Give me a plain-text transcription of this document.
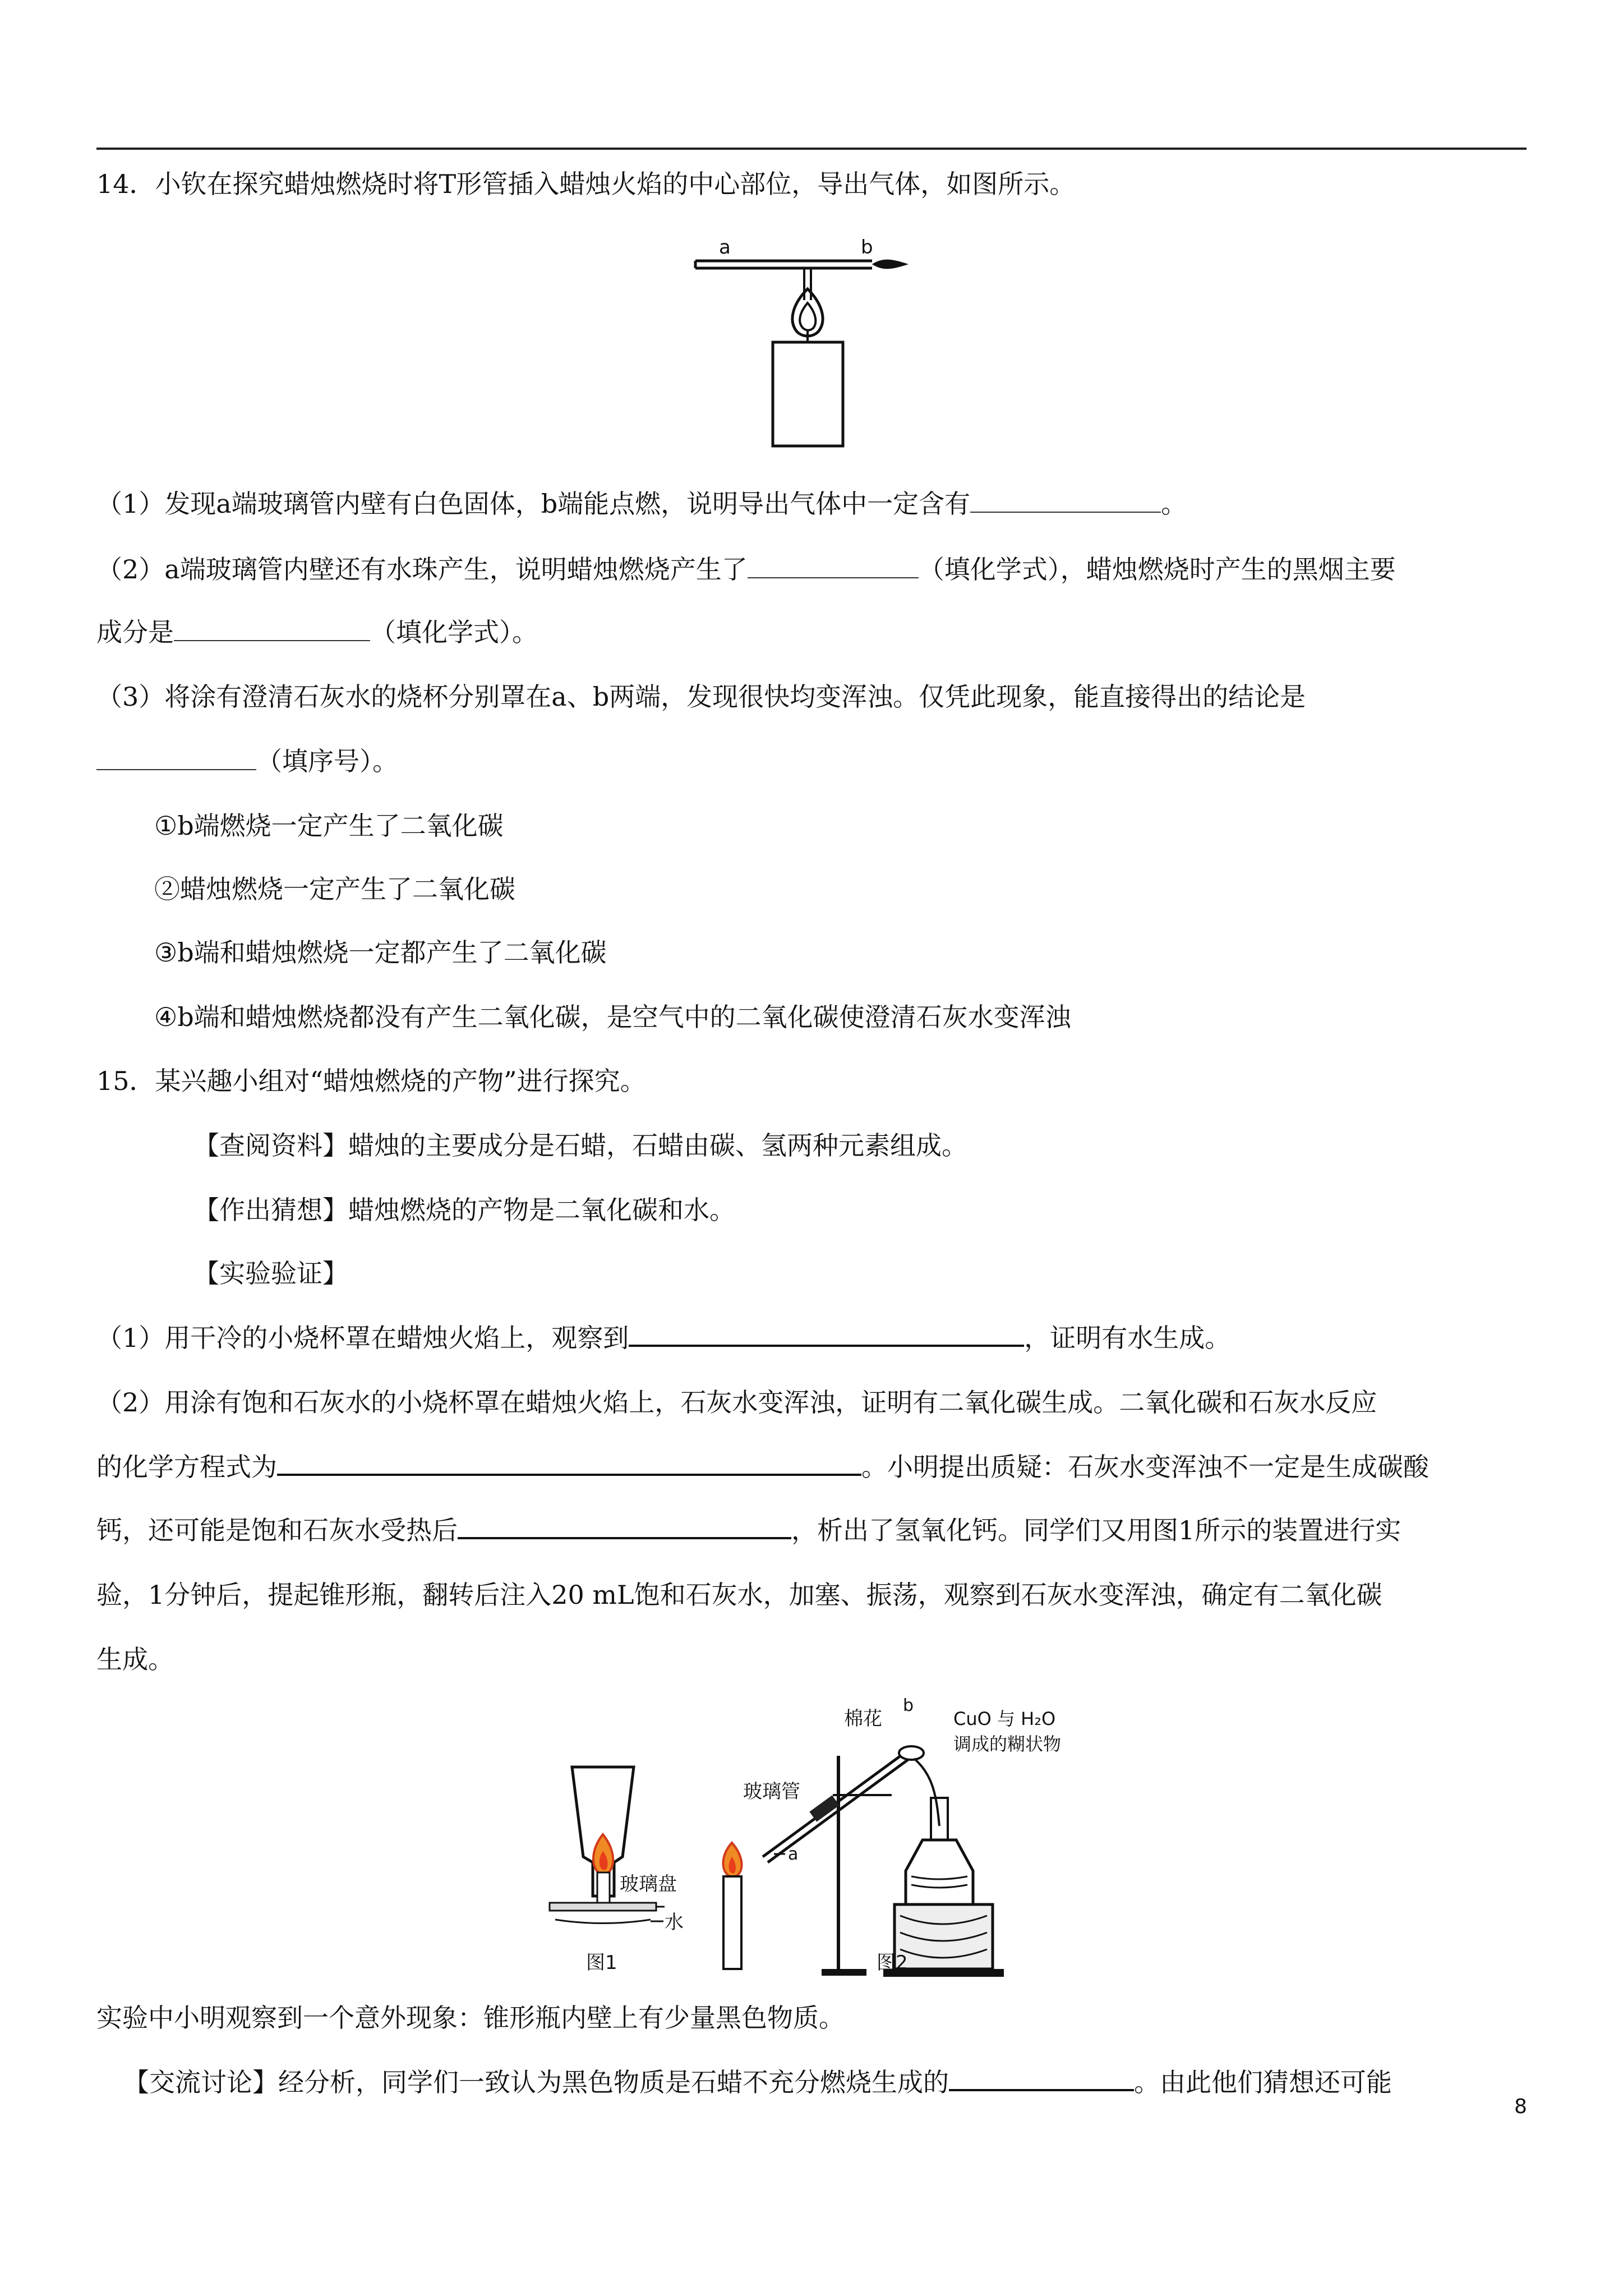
14．小钦在探究蜡烛燃烧时将T形管插入蜡烛火焰的中心部位，导出气体，如图所示。
a	b
（1）发现a端玻璃管内壁有白色固体，b端能点燃，说明导出气体中一定含有	。
（2）a端玻璃管内壁还有水珠产生，说明蜡烛燃烧产生了	（填化学式），蜡烛燃烧时产生的黑烟主要
成分是	（填化学式）。
（3）将涂有澄清石灰水的烧杯分别罩在a、b两端，发现很快均变浑浊。仅凭此现象，能直接得出的结论是
（填序号）。
①b端燃烧一定产生了二氧化碳
②蜡烛燃烧一定产生了二氧化碳
③b端和蜡烛燃烧一定都产生了二氧化碳
④b端和蜡烛燃烧都没有产生二氧化碳，是空气中的二氧化碳使澄清石灰水变浑浊
15．某兴趣小组对“蜡烛燃烧的产物”进行探究。
【查阅资料】蜡烛的主要成分是石蜡，石蜡由碳、氢两种元素组成。
【作出猜想】蜡烛燃烧的产物是二氧化碳和水。
【实验验证】
（1）用干冷的小烧杯罩在蜡烛火焰上，观察到	，证明有水生成。
（2）用涂有饱和石灰水的小烧杯罩在蜡烛火焰上，石灰水变浑浊，证明有二氧化碳生成。二氧化碳和石灰水反应
的化学方程式为	。小明提出质疑：石灰水变浑浊不一定是生成碳酸
钙，还可能是饱和石灰水受热后	，析出了氢氧化钙。同学们又用图1所示的装置进行实
验，1分钟后，提起锥形瓶，翻转后注入20 mL饱和石灰水，加塞、振荡，观察到石灰水变浑浊，确定有二氧化碳
生成。
玻璃盘
水
图1
棉花
b
CuO 与 H₂O
调成的糊状物
玻璃管
a
图2
实验中小明观察到一个意外现象：锥形瓶内壁上有少量黑色物质。
【交流讨论】经分析，同学们一致认为黑色物质是石蜡不充分燃烧生成的	。由此他们猜想还可能
8
